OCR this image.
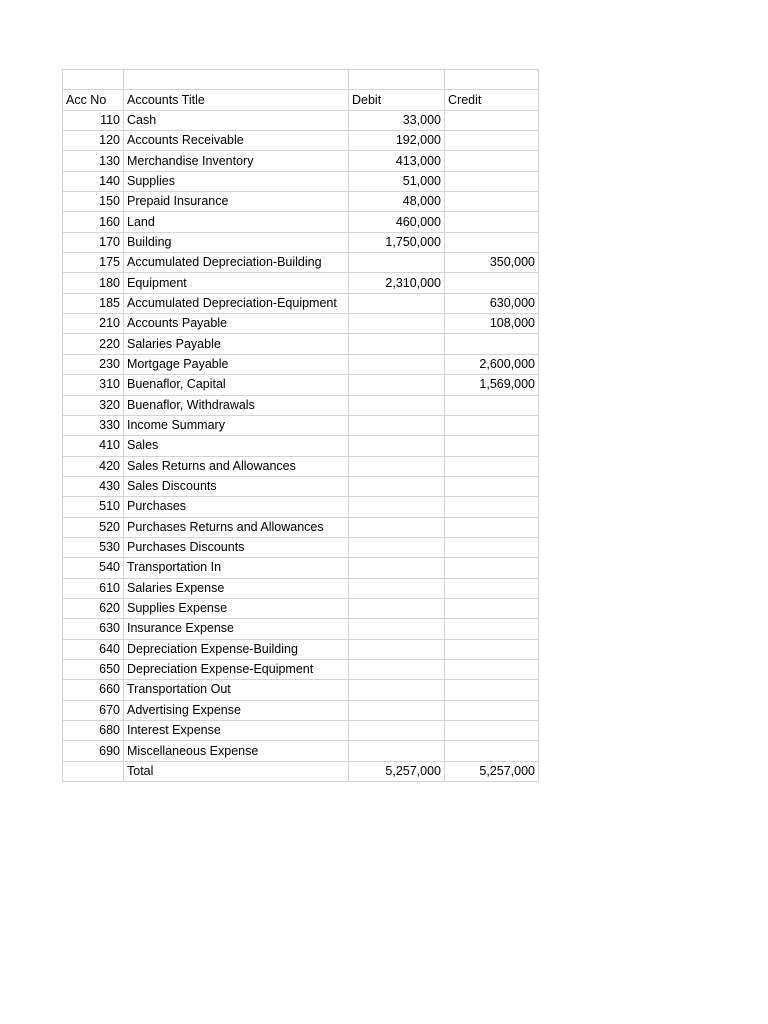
Acc No	Accounts Title	Debit	Credit
110	Cash	33,000	
120	Accounts Receivable	192,000	
130	Merchandise Inventory	413,000	
140	Supplies	51,000	
150	Prepaid Insurance	48,000	
160	Land	460,000	
170	Building	1,750,000	
175	Accumulated Depreciation-Building		350,000
180	Equipment	2,310,000	
185	Accumulated Depreciation-Equipment		630,000
210	Accounts Payable		108,000
220	Salaries Payable		
230	Mortgage Payable		2,600,000
310	Buenaflor, Capital		1,569,000
320	Buenaflor, Withdrawals		
330	Income Summary		
410	Sales		
420	Sales Returns and Allowances		
430	Sales Discounts		
510	Purchases		
520	Purchases Returns and Allowances		
530	Purchases Discounts		
540	Transportation In		
610	Salaries Expense		
620	Supplies Expense		
630	Insurance Expense		
640	Depreciation Expense-Building		
650	Depreciation Expense-Equipment		
660	Transportation Out		
670	Advertising Expense		
680	Interest Expense		
690	Miscellaneous Expense		
	Total	5,257,000	5,257,000
